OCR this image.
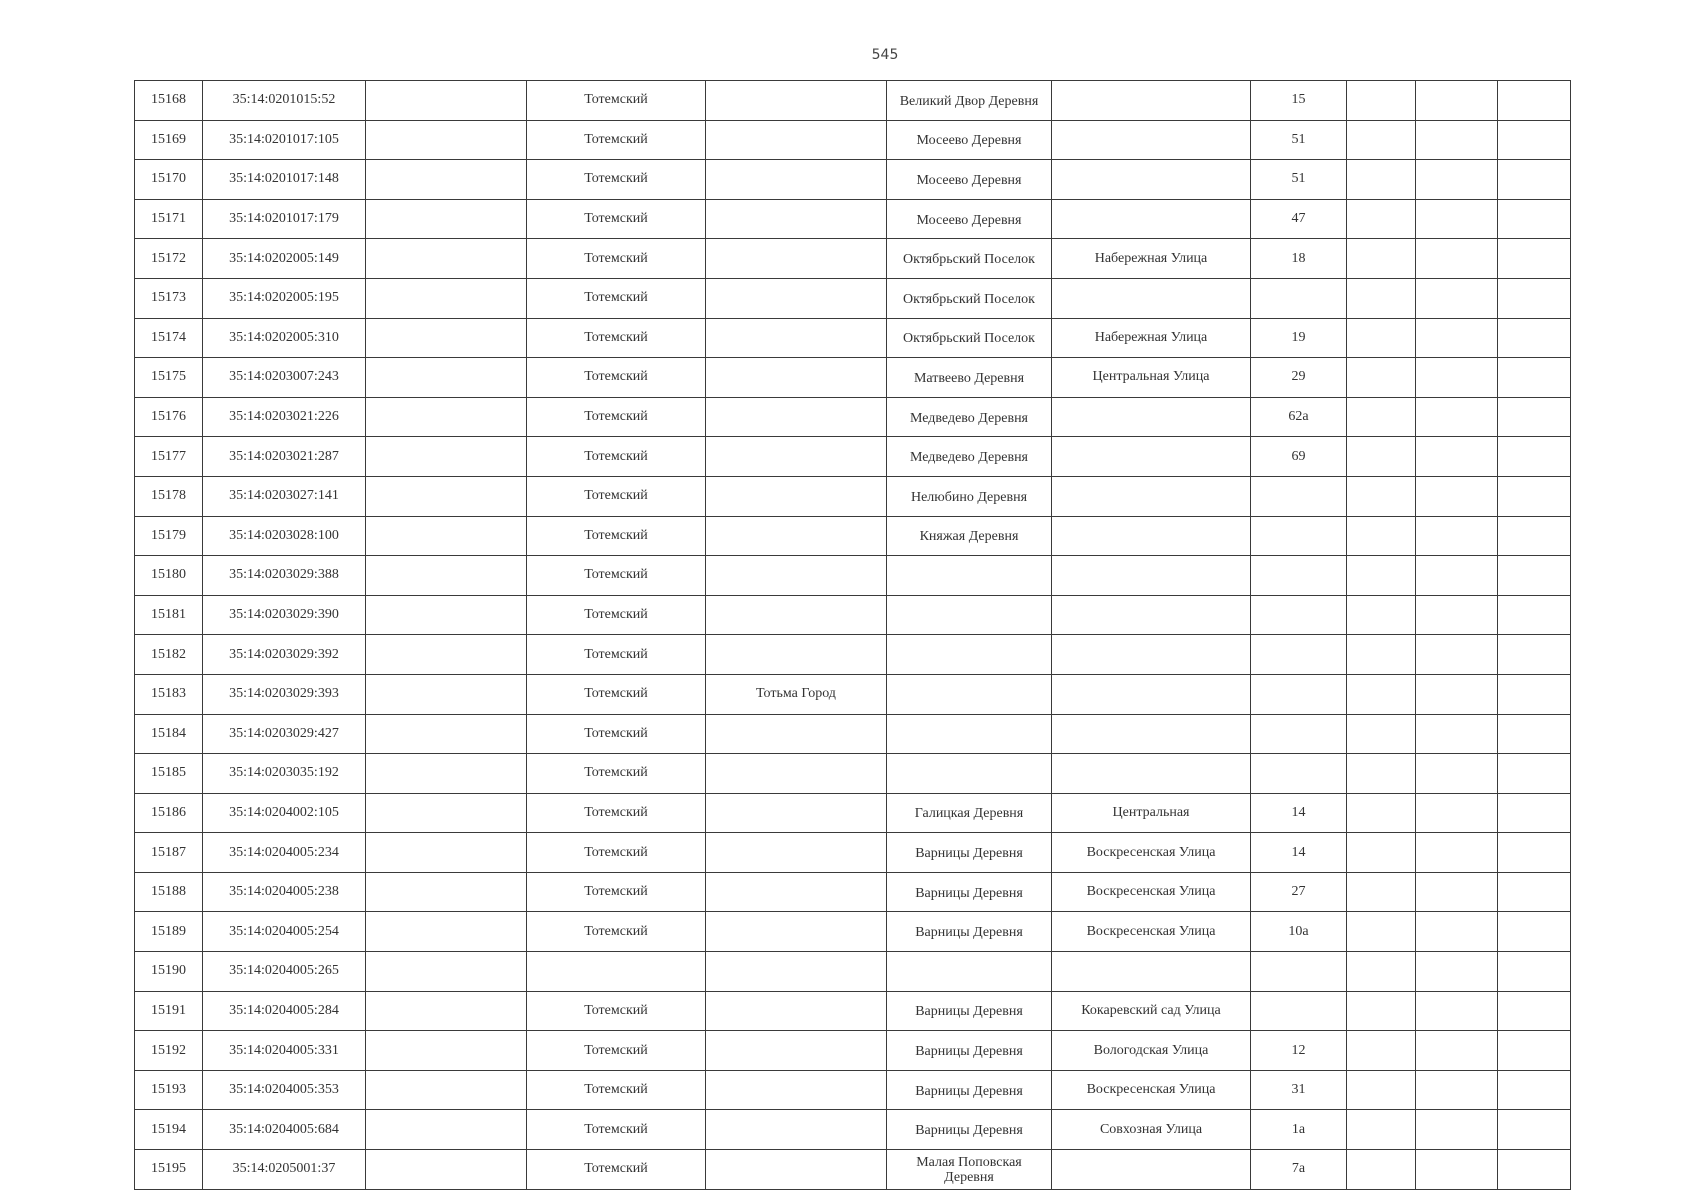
545
15168	35:14:0201015:52		Тотемский		Великий Двор Деревня		15			
15169	35:14:0201017:105		Тотемский		Мосеево Деревня		51			
15170	35:14:0201017:148		Тотемский		Мосеево Деревня		51			
15171	35:14:0201017:179		Тотемский		Мосеево Деревня		47			
15172	35:14:0202005:149		Тотемский		Октябрьский Поселок	Набережная Улица	18			
15173	35:14:0202005:195		Тотемский		Октябрьский Поселок					
15174	35:14:0202005:310		Тотемский		Октябрьский Поселок	Набережная Улица	19			
15175	35:14:0203007:243		Тотемский		Матвеево Деревня	Центральная Улица	29			
15176	35:14:0203021:226		Тотемский		Медведево Деревня		62а			
15177	35:14:0203021:287		Тотемский		Медведево Деревня		69			
15178	35:14:0203027:141		Тотемский		Нелюбино Деревня					
15179	35:14:0203028:100		Тотемский		Княжая Деревня					
15180	35:14:0203029:388		Тотемский							
15181	35:14:0203029:390		Тотемский							
15182	35:14:0203029:392		Тотемский							
15183	35:14:0203029:393		Тотемский	Тотьма Город						
15184	35:14:0203029:427		Тотемский							
15185	35:14:0203035:192		Тотемский							
15186	35:14:0204002:105		Тотемский		Галицкая Деревня	Центральная	14			
15187	35:14:0204005:234		Тотемский		Варницы Деревня	Воскресенская Улица	14			
15188	35:14:0204005:238		Тотемский		Варницы Деревня	Воскресенская Улица	27			
15189	35:14:0204005:254		Тотемский		Варницы Деревня	Воскресенская Улица	10а			
15190	35:14:0204005:265									
15191	35:14:0204005:284		Тотемский		Варницы Деревня	Кокаревский сад Улица				
15192	35:14:0204005:331		Тотемский		Варницы Деревня	Вологодская Улица	12			
15193	35:14:0204005:353		Тотемский		Варницы Деревня	Воскресенская Улица	31			
15194	35:14:0204005:684		Тотемский		Варницы Деревня	Совхозная Улица	1а			
15195	35:14:0205001:37		Тотемский		Малая Поповская Деревня		7а			
